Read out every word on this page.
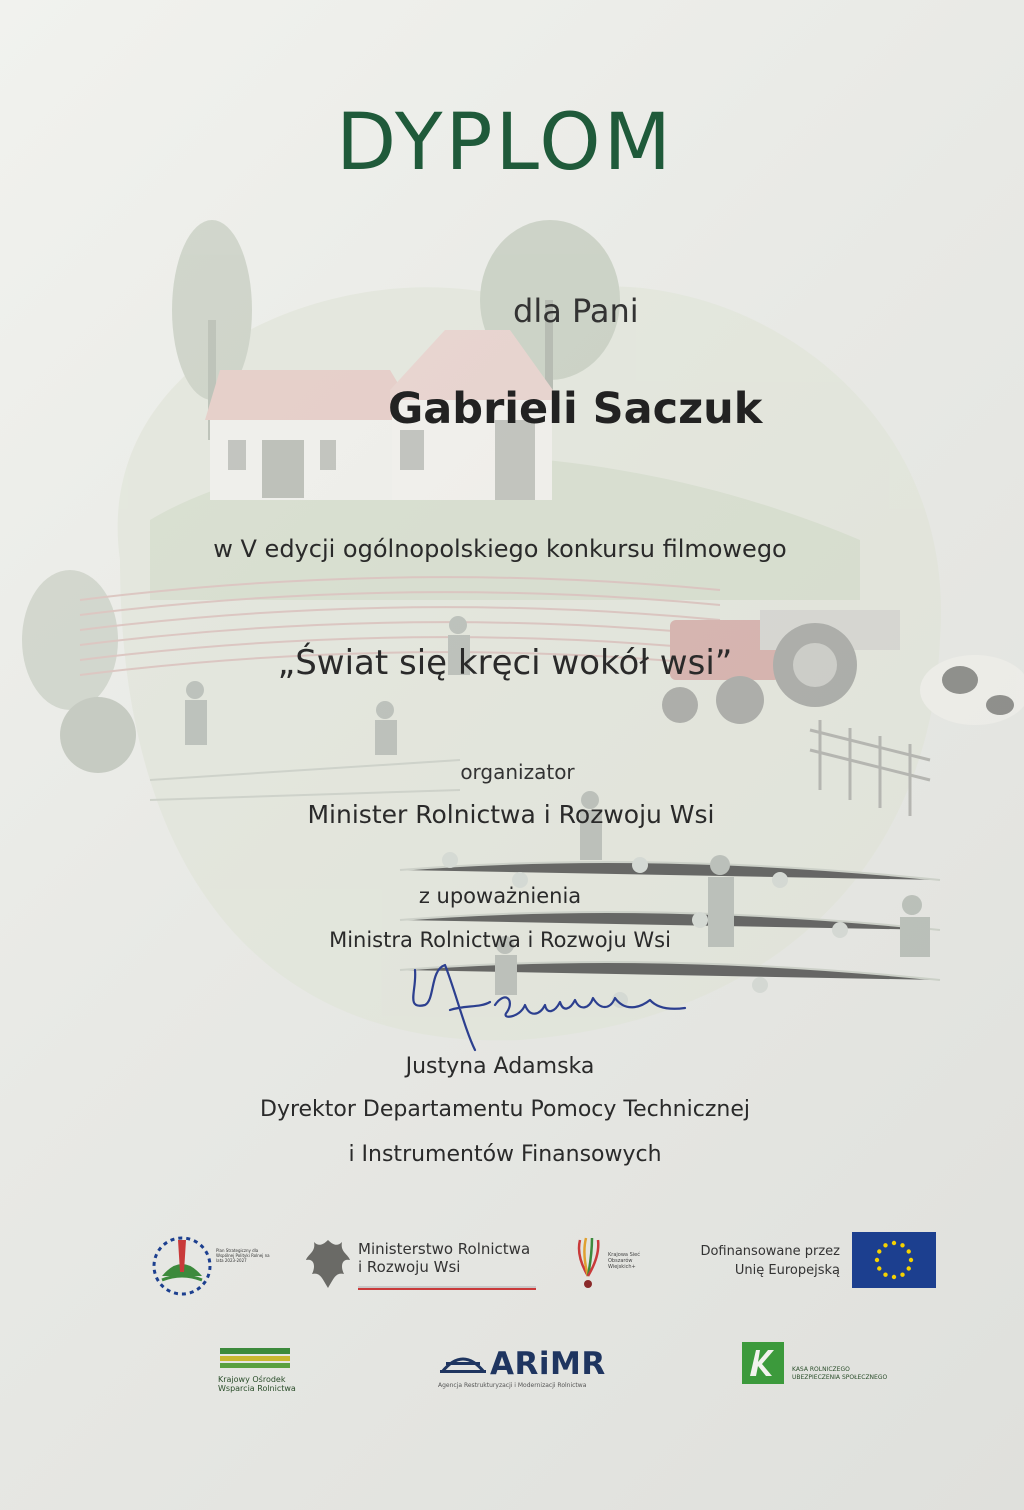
DYPLOM
dla Pani
Gabrieli Saczuk
w V edycji ogólnopolskiego konkursu filmowego
„Świat się kręci wokół wsi”
organizator
Minister Rolnictwa i Rozwoju Wsi
z upoważnienia
Ministra Rolnictwa i Rozwoju Wsi
Justyna Adamska
Dyrektor Departamentu Pomocy Technicznej
i Instrumentów Finansowych
Plan Strategiczny dla Wspólnej Polityki Rolnej na lata 2023-2027
Ministerstwo Rolnictwa
i Rozwoju Wsi
Krajowa Sieć Obszarów Wiejskich+
Dofinansowane przez
Unię Europejską
Krajowy Ośrodek
Wsparcia Rolnictwa
ARiMR
Agencja Restrukturyzacji i Modernizacji Rolnictwa
KASA ROLNICZEGO
UBEZPIECZENIA SPOŁECZNEGO
